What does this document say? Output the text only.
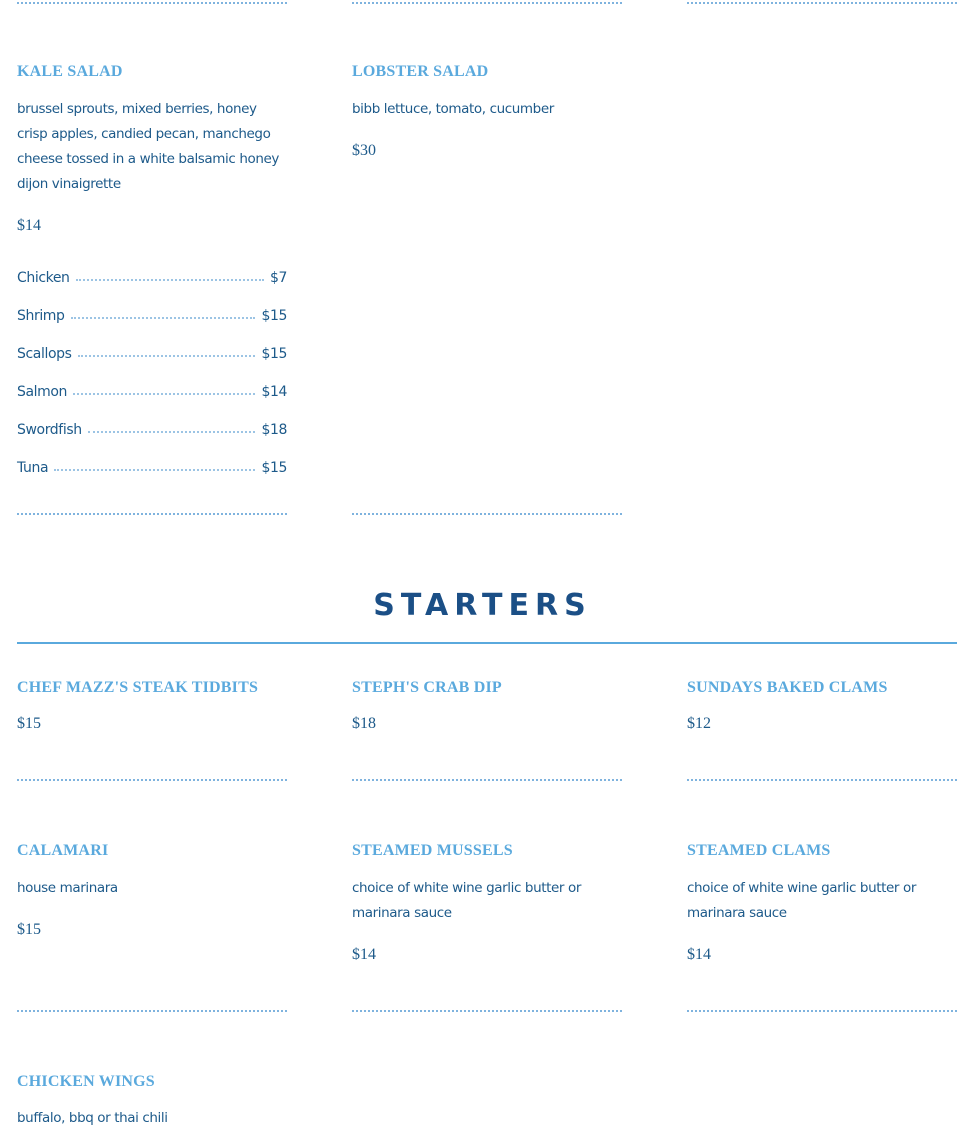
KALE SALAD
brussel sprouts, mixed berries, honey crisp apples, candied pecan, manchego cheese tossed in a white balsamic honey dijon vinaigrette
$14
Chicken	$7
Shrimp	$15
Scallops	$15
Salmon	$14
Swordfish	$18
Tuna	$15
LOBSTER SALAD
bibb lettuce, tomato, cucumber
$30
STARTERS
CHEF MAZZ'S STEAK TIDBITS
$15
STEPH'S CRAB DIP
$18
SUNDAYS BAKED CLAMS
$12
CALAMARI
house marinara
$15
STEAMED MUSSELS
choice of white wine garlic butter or marinara sauce
$14
STEAMED CLAMS
choice of white wine garlic butter or marinara sauce
$14
CHICKEN WINGS
buffalo, bbq or thai chili
